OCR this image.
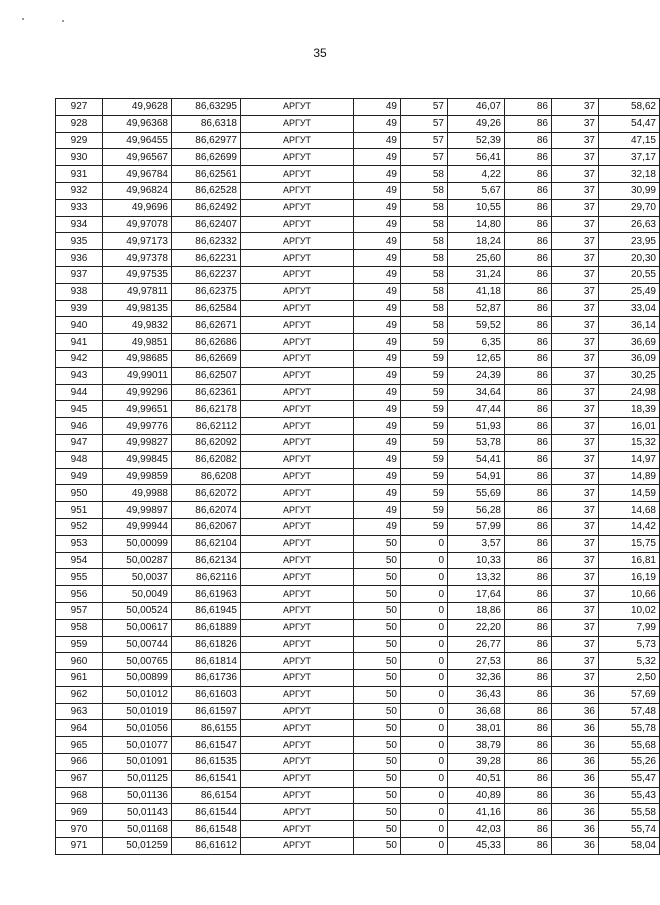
35
927	49,9628	86,63295	АРГУТ	49	57	46,07	86	37	58,62
928	49,96368	86,6318	АРГУТ	49	57	49,26	86	37	54,47
929	49,96455	86,62977	АРГУТ	49	57	52,39	86	37	47,15
930	49,96567	86,62699	АРГУТ	49	57	56,41	86	37	37,17
931	49,96784	86,62561	АРГУТ	49	58	4,22	86	37	32,18
932	49,96824	86,62528	АРГУТ	49	58	5,67	86	37	30,99
933	49,9696	86,62492	АРГУТ	49	58	10,55	86	37	29,70
934	49,97078	86,62407	АРГУТ	49	58	14,80	86	37	26,63
935	49,97173	86,62332	АРГУТ	49	58	18,24	86	37	23,95
936	49,97378	86,62231	АРГУТ	49	58	25,60	86	37	20,30
937	49,97535	86,62237	АРГУТ	49	58	31,24	86	37	20,55
938	49,97811	86,62375	АРГУТ	49	58	41,18	86	37	25,49
939	49,98135	86,62584	АРГУТ	49	58	52,87	86	37	33,04
940	49,9832	86,62671	АРГУТ	49	58	59,52	86	37	36,14
941	49,9851	86,62686	АРГУТ	49	59	6,35	86	37	36,69
942	49,98685	86,62669	АРГУТ	49	59	12,65	86	37	36,09
943	49,99011	86,62507	АРГУТ	49	59	24,39	86	37	30,25
944	49,99296	86,62361	АРГУТ	49	59	34,64	86	37	24,98
945	49,99651	86,62178	АРГУТ	49	59	47,44	86	37	18,39
946	49,99776	86,62112	АРГУТ	49	59	51,93	86	37	16,01
947	49,99827	86,62092	АРГУТ	49	59	53,78	86	37	15,32
948	49,99845	86,62082	АРГУТ	49	59	54,41	86	37	14,97
949	49,99859	86,6208	АРГУТ	49	59	54,91	86	37	14,89
950	49,9988	86,62072	АРГУТ	49	59	55,69	86	37	14,59
951	49,99897	86,62074	АРГУТ	49	59	56,28	86	37	14,68
952	49,99944	86,62067	АРГУТ	49	59	57,99	86	37	14,42
953	50,00099	86,62104	АРГУТ	50	0	3,57	86	37	15,75
954	50,00287	86,62134	АРГУТ	50	0	10,33	86	37	16,81
955	50,0037	86,62116	АРГУТ	50	0	13,32	86	37	16,19
956	50,0049	86,61963	АРГУТ	50	0	17,64	86	37	10,66
957	50,00524	86,61945	АРГУТ	50	0	18,86	86	37	10,02
958	50,00617	86,61889	АРГУТ	50	0	22,20	86	37	7,99
959	50,00744	86,61826	АРГУТ	50	0	26,77	86	37	5,73
960	50,00765	86,61814	АРГУТ	50	0	27,53	86	37	5,32
961	50,00899	86,61736	АРГУТ	50	0	32,36	86	37	2,50
962	50,01012	86,61603	АРГУТ	50	0	36,43	86	36	57,69
963	50,01019	86,61597	АРГУТ	50	0	36,68	86	36	57,48
964	50,01056	86,6155	АРГУТ	50	0	38,01	86	36	55,78
965	50,01077	86,61547	АРГУТ	50	0	38,79	86	36	55,68
966	50,01091	86,61535	АРГУТ	50	0	39,28	86	36	55,26
967	50,01125	86,61541	АРГУТ	50	0	40,51	86	36	55,47
968	50,01136	86,6154	АРГУТ	50	0	40,89	86	36	55,43
969	50,01143	86,61544	АРГУТ	50	0	41,16	86	36	55,58
970	50,01168	86,61548	АРГУТ	50	0	42,03	86	36	55,74
971	50,01259	86,61612	АРГУТ	50	0	45,33	86	36	58,04
